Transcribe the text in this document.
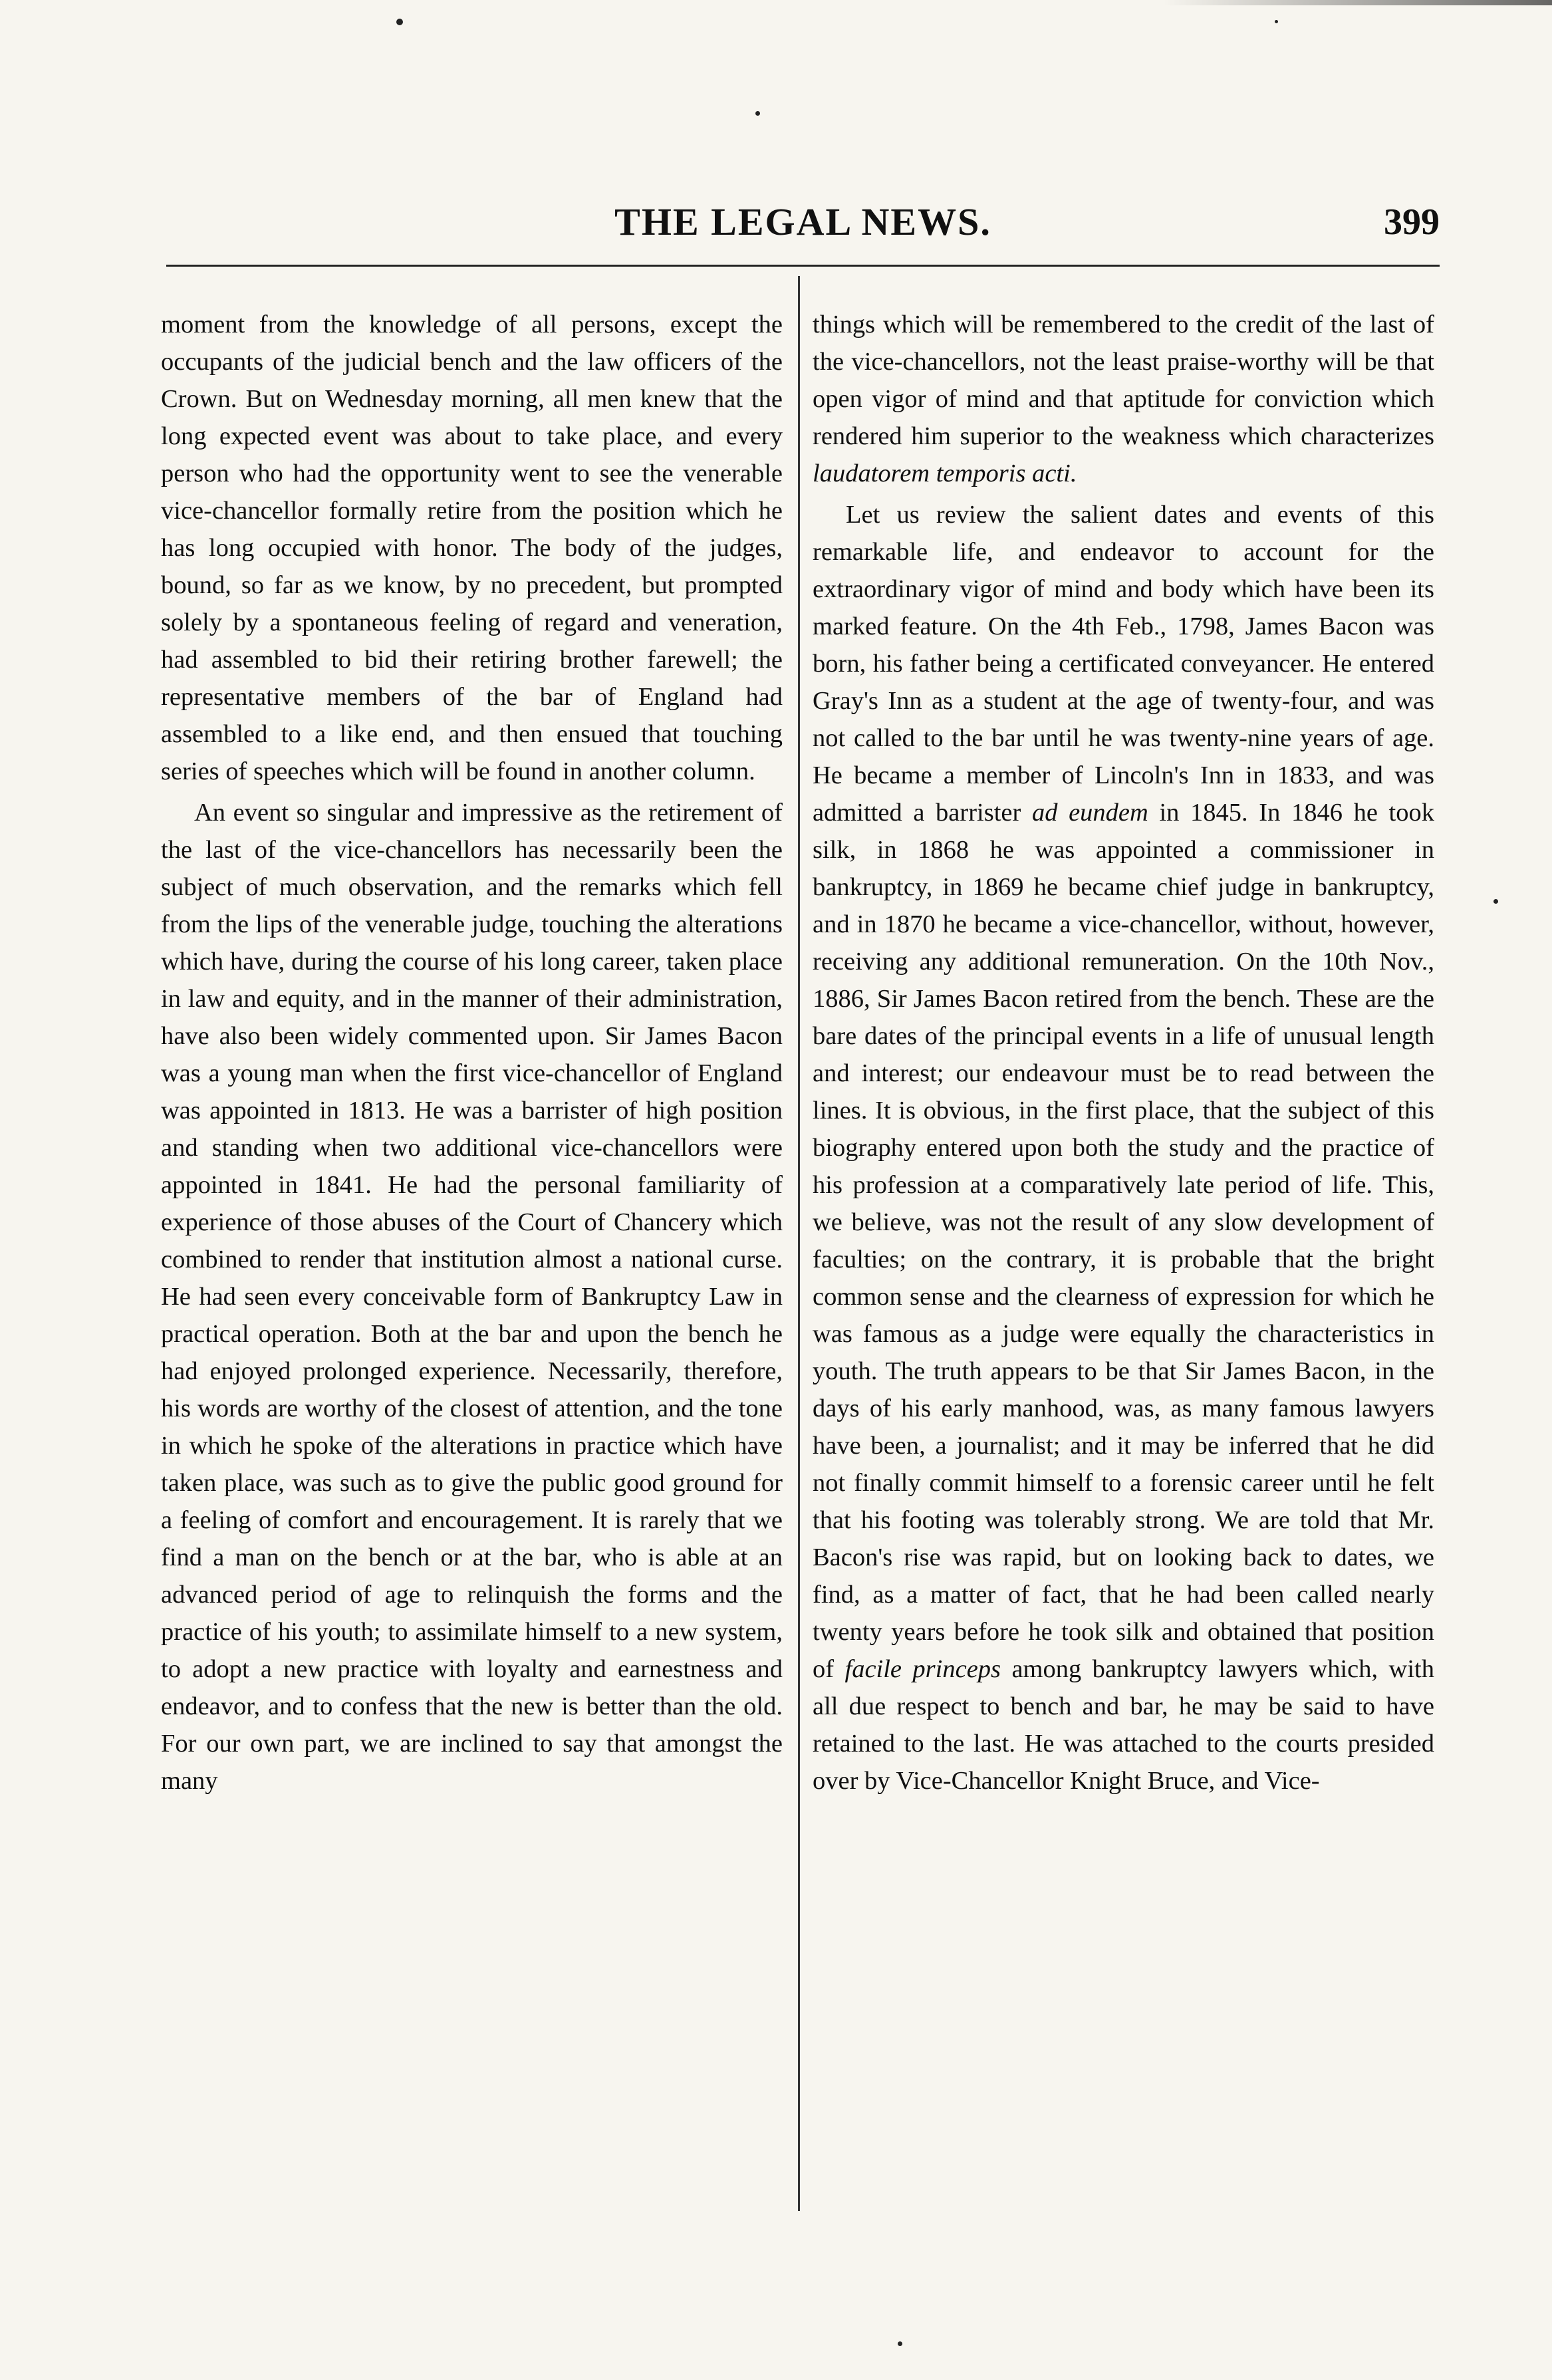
THE LEGAL NEWS.	399

moment from the knowledge of all persons, except the occupants of the judicial bench and the law officers of the Crown. But on Wednesday morning, all men knew that the long expected event was about to take place, and every person who had the opportunity went to see the venerable vice-chancellor formally retire from the position which he has long occupied with honor. The body of the judges, bound, so far as we know, by no precedent, but prompted solely by a spontaneous feeling of regard and veneration, had assembled to bid their retiring brother farewell; the representative members of the bar of England had assembled to a like end, and then ensued that touching series of speeches which will be found in another column.

An event so singular and impressive as the retirement of the last of the vice-chancellors has necessarily been the subject of much observation, and the remarks which fell from the lips of the venerable judge, touching the alterations which have, during the course of his long career, taken place in law and equity, and in the manner of their administration, have also been widely commented upon. Sir James Bacon was a young man when the first vice-chancellor of England was appointed in 1813. He was a barrister of high position and standing when two additional vice-chancellors were appointed in 1841. He had the personal familiarity of experience of those abuses of the Court of Chancery which combined to render that institution almost a national curse. He had seen every conceivable form of Bankruptcy Law in practical operation. Both at the bar and upon the bench he had enjoyed prolonged experience. Necessarily, therefore, his words are worthy of the closest of attention, and the tone in which he spoke of the alterations in practice which have taken place, was such as to give the public good ground for a feeling of comfort and encouragement. It is rarely that we find a man on the bench or at the bar, who is able at an advanced period of age to relinquish the forms and the practice of his youth; to assimilate himself to a new system, to adopt a new practice with loyalty and earnestness and endeavor, and to confess that the new is better than the old. For our own part, we are inclined to say that amongst the many

things which will be remembered to the credit of the last of the vice-chancellors, not the least praise-worthy will be that open vigor of mind and that aptitude for conviction which rendered him superior to the weakness which characterizes laudatorem temporis acti.

Let us review the salient dates and events of this remarkable life, and endeavor to account for the extraordinary vigor of mind and body which have been its marked feature. On the 4th Feb., 1798, James Bacon was born, his father being a certificated conveyancer. He entered Gray's Inn as a student at the age of twenty-four, and was not called to the bar until he was twenty-nine years of age. He became a member of Lincoln's Inn in 1833, and was admitted a barrister ad eundem in 1845. In 1846 he took silk, in 1868 he was appointed a commissioner in bankruptcy, in 1869 he became chief judge in bankruptcy, and in 1870 he became a vice-chancellor, without, however, receiving any additional remuneration. On the 10th Nov., 1886, Sir James Bacon retired from the bench. These are the bare dates of the principal events in a life of unusual length and interest; our endeavour must be to read between the lines. It is obvious, in the first place, that the subject of this biography entered upon both the study and the practice of his profession at a comparatively late period of life. This, we believe, was not the result of any slow development of faculties; on the contrary, it is probable that the bright common sense and the clearness of expression for which he was famous as a judge were equally the characteristics in youth. The truth appears to be that Sir James Bacon, in the days of his early manhood, was, as many famous lawyers have been, a journalist; and it may be inferred that he did not finally commit himself to a forensic career until he felt that his footing was tolerably strong. We are told that Mr. Bacon's rise was rapid, but on looking back to dates, we find, as a matter of fact, that he had been called nearly twenty years before he took silk and obtained that position of facile princeps among bankruptcy lawyers which, with all due respect to bench and bar, he may be said to have retained to the last. He was attached to the courts presided over by Vice-Chancellor Knight Bruce, and Vice-
